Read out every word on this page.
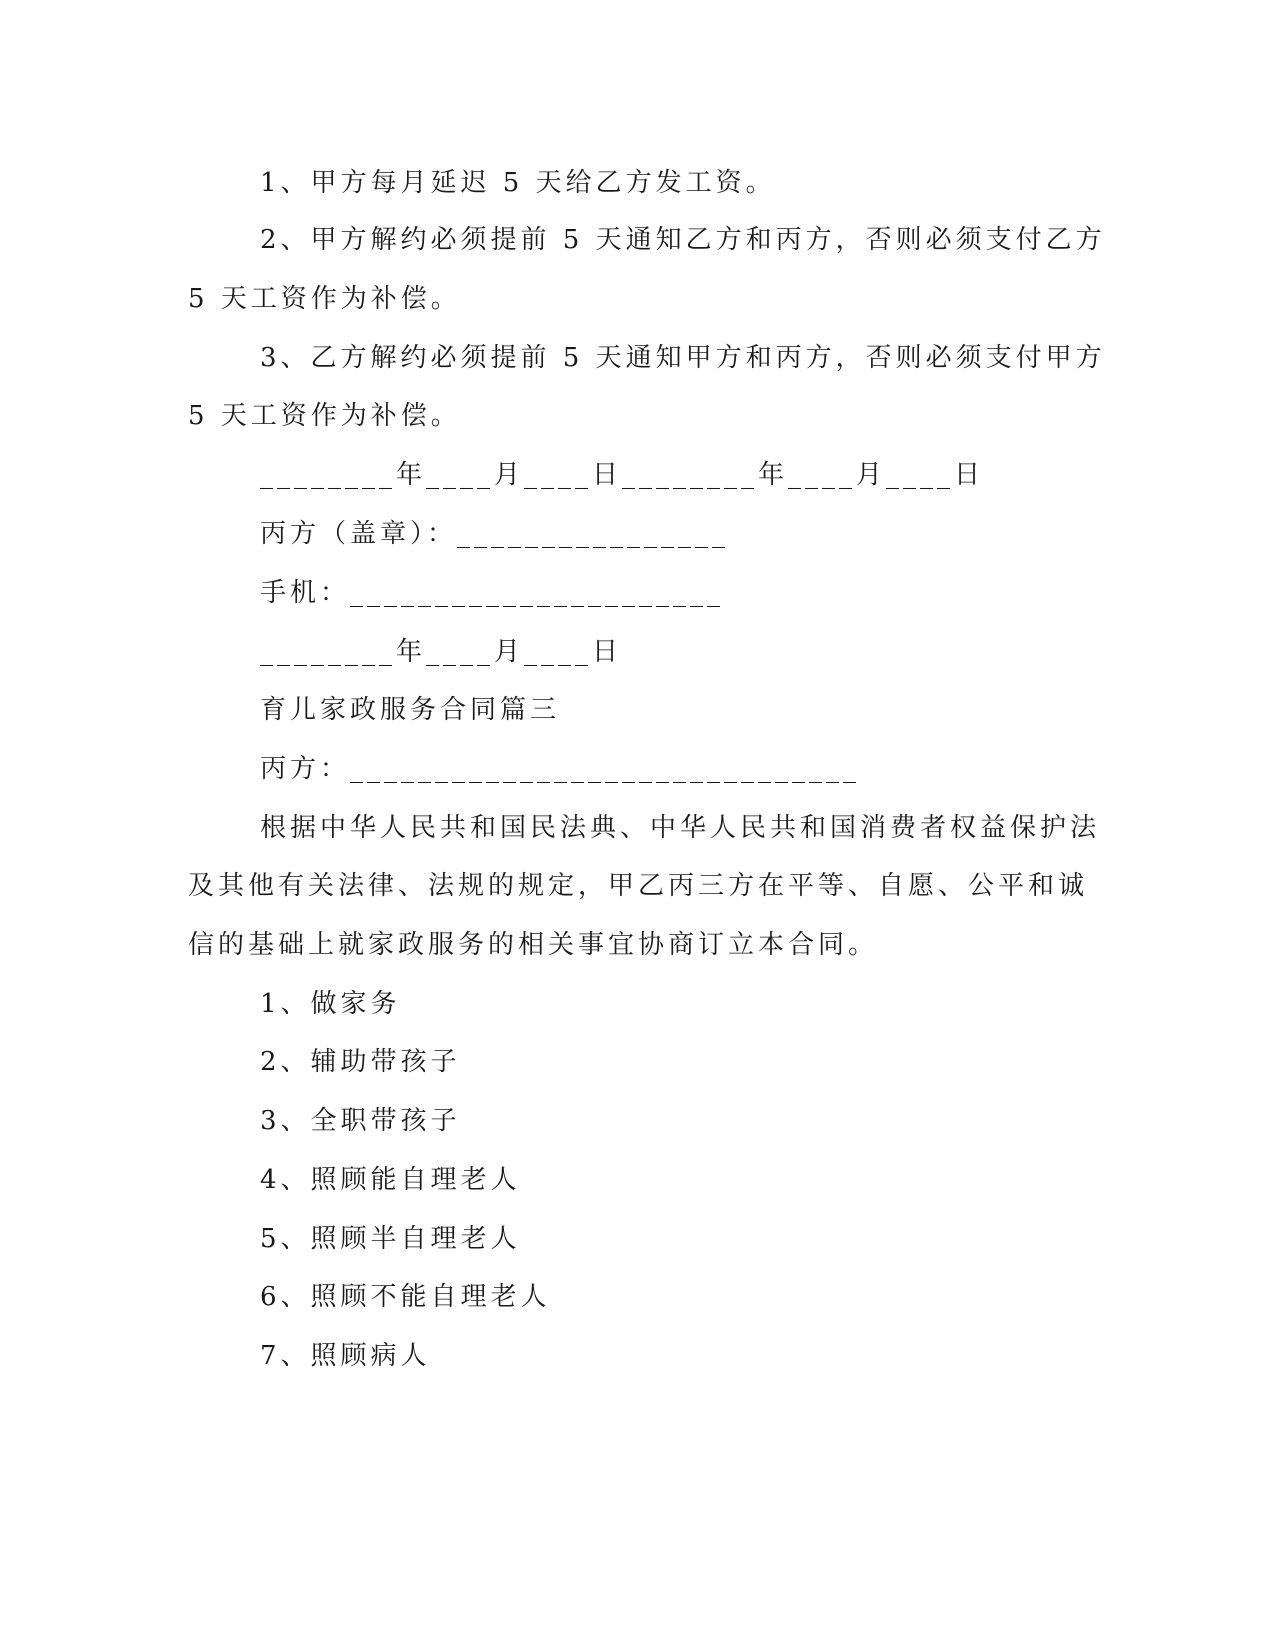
1、甲方每月延迟 5 天给乙方发工资。
2、甲方解约必须提前 5 天通知乙方和丙方，否则必须支付乙方
5 天工资作为补偿。
3、乙方解约必须提前 5 天通知甲方和丙方，否则必须支付甲方
5 天工资作为补偿。
________年____月____日________年____月____日
丙方（盖章）：________________
手机：______________________
________年____月____日
育儿家政服务合同篇三
丙方：______________________________
根据中华人民共和国民法典、中华人民共和国消费者权益保护法
及其他有关法律、法规的规定，甲乙丙三方在平等、自愿、公平和诚
信的基础上就家政服务的相关事宜协商订立本合同。
1、做家务
2、辅助带孩子
3、全职带孩子
4、照顾能自理老人
5、照顾半自理老人
6、照顾不能自理老人
7、照顾病人
